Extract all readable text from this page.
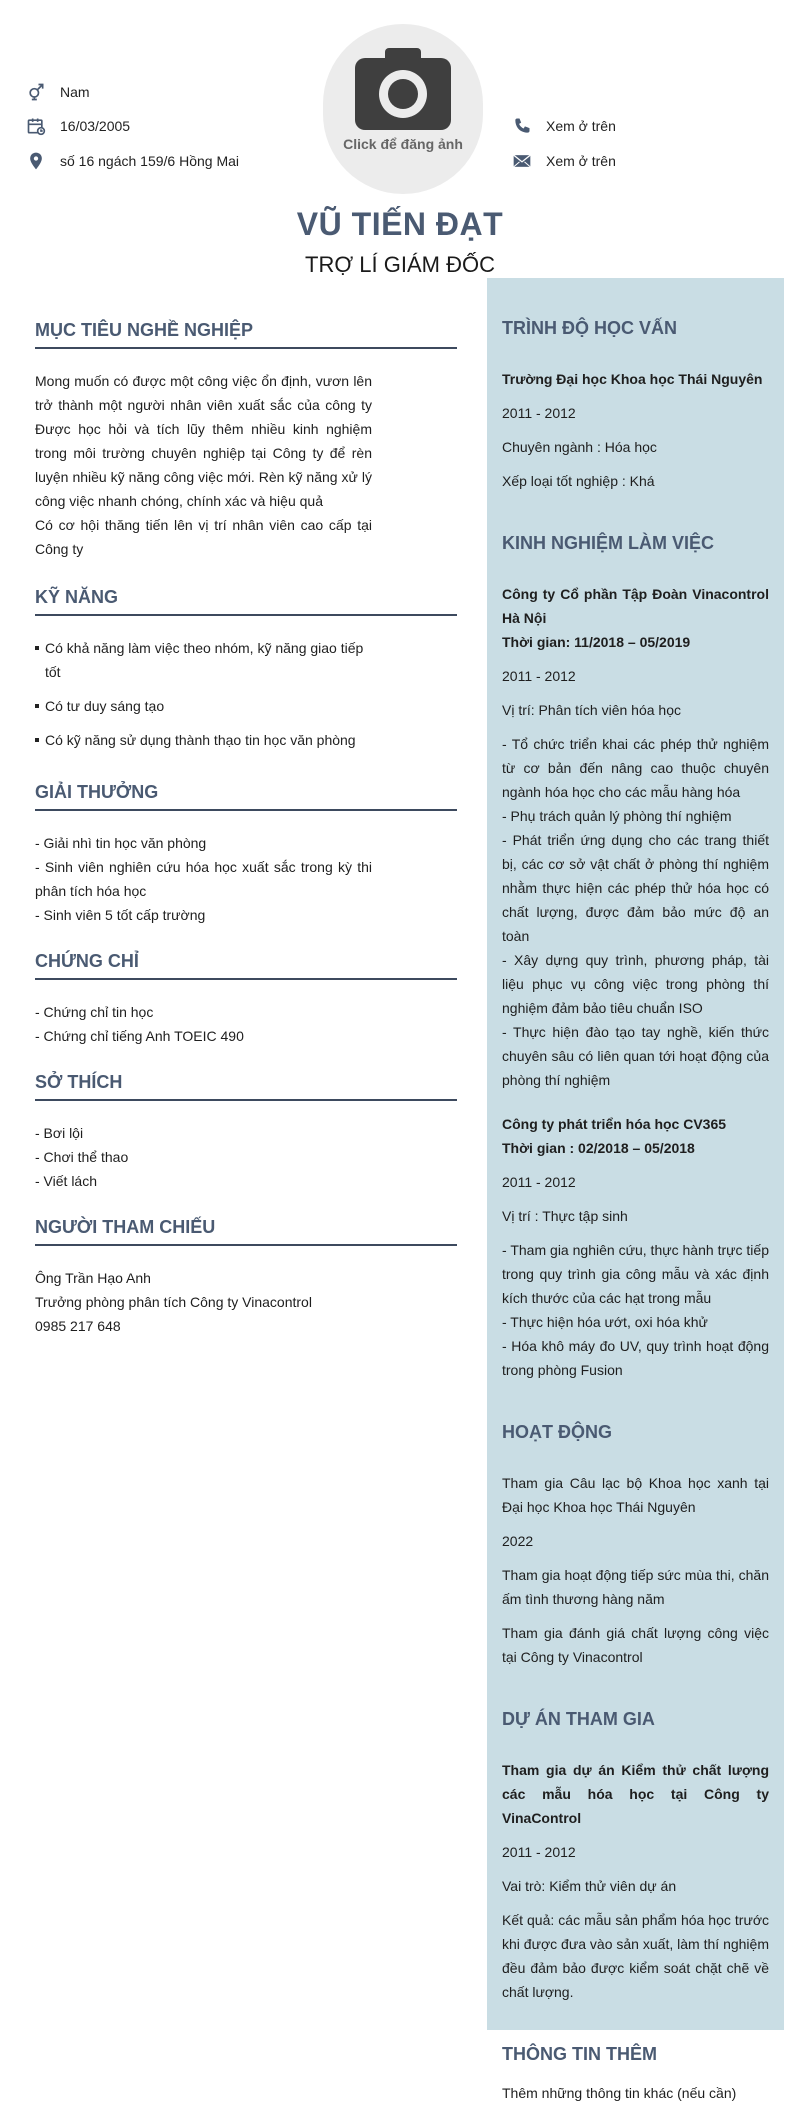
Nam
16/03/2005
số 16 ngách 159/6 Hồng Mai
Click để đăng ảnh
Xem ở trên
Xem ở trên
VŨ TIẾN ĐẠT
TRỢ LÍ GIÁM ĐỐC
MỤC TIÊU NGHỀ NGHIỆP

Mong muốn có được một công việc ổn định, vươn lên trở thành một người nhân viên xuất sắc của công ty Được học hỏi và tích lũy thêm nhiều kinh nghiệm trong môi trường chuyên nghiệp tại Công ty để rèn luyện nhiều kỹ năng công việc mới. Rèn kỹ năng xử lý công việc nhanh chóng, chính xác và hiệu quả

Có cơ hội thăng tiến lên vị trí nhân viên cao cấp tại Công ty

KỸ NĂNG
Có khả năng làm việc theo nhóm, kỹ năng giao tiếp tốt
Có tư duy sáng tạo
Có kỹ năng sử dụng thành thạo tin học văn phòng
GIẢI THƯỞNG

- Giải nhì tin học văn phòng

- Sinh viên nghiên cứu hóa học xuất sắc trong kỳ thi phân tích hóa học

- Sinh viên 5 tốt cấp trường

CHỨNG CHỈ

- Chứng chỉ tin học

- Chứng chỉ tiếng Anh TOEIC 490

SỞ THÍCH

- Bơi lội

- Chơi thể thao

- Viết lách

NGƯỜI THAM CHIẾU

Ông Trần Hạo Anh

Trưởng phòng phân tích Công ty Vinacontrol

0985 217 648

TRÌNH ĐỘ HỌC VẤN

Trường Đại học Khoa học Thái Nguyên

2011 - 2012

Chuyên ngành : Hóa học

Xếp loại tốt nghiệp : Khá

KINH NGHIỆM LÀM VIỆC

Công ty Cổ phần Tập Đoàn Vinacontrol Hà Nội

Thời gian: 11/2018 – 05/2019

2011 - 2012

Vị trí: Phân tích viên hóa học

- Tổ chức triển khai các phép thử nghiệm từ cơ bản đến nâng cao thuộc chuyên ngành hóa học cho các mẫu hàng hóa

- Phụ trách quản lý phòng thí nghiệm

- Phát triển ứng dụng cho các trang thiết bị, các cơ sở vật chất ở phòng thí nghiệm nhằm thực hiện các phép thử hóa học có chất lượng, được đảm bảo mức độ an toàn

- Xây dựng quy trình, phương pháp, tài liệu phục vụ công việc trong phòng thí nghiệm đảm bảo tiêu chuẩn ISO

- Thực hiện đào tạo tay nghề, kiến thức chuyên sâu có liên quan tới hoạt động của phòng thí nghiệm

Công ty phát triển hóa học CV365

Thời gian : 02/2018 – 05/2018

2011 - 2012

Vị trí : Thực tập sinh

- Tham gia nghiên cứu, thực hành trực tiếp trong quy trình gia công mẫu và xác định kích thước của các hạt trong mẫu

- Thực hiện hóa ướt, oxi hóa khử

- Hóa khô máy đo UV, quy trình hoạt động trong phòng Fusion

HOẠT ĐỘNG

Tham gia Câu lạc bộ Khoa học xanh tại Đại học Khoa học Thái Nguyên

2022

Tham gia hoạt động tiếp sức mùa thi, chăn ấm tình thương hàng năm

Tham gia đánh giá chất lượng công việc tại Công ty Vinacontrol

DỰ ÁN THAM GIA

Tham gia dự án Kiểm thử chất lượng các mẫu hóa học tại Công ty VinaControl

2011 - 2012

Vai trò: Kiểm thử viên dự án

Kết quả: các mẫu sản phẩm hóa học trước khi được đưa vào sản xuất, làm thí nghiệm đều đảm bảo được kiểm soát chặt chẽ về chất lượng.

THÔNG TIN THÊM

Thêm những thông tin khác (nếu cần)
